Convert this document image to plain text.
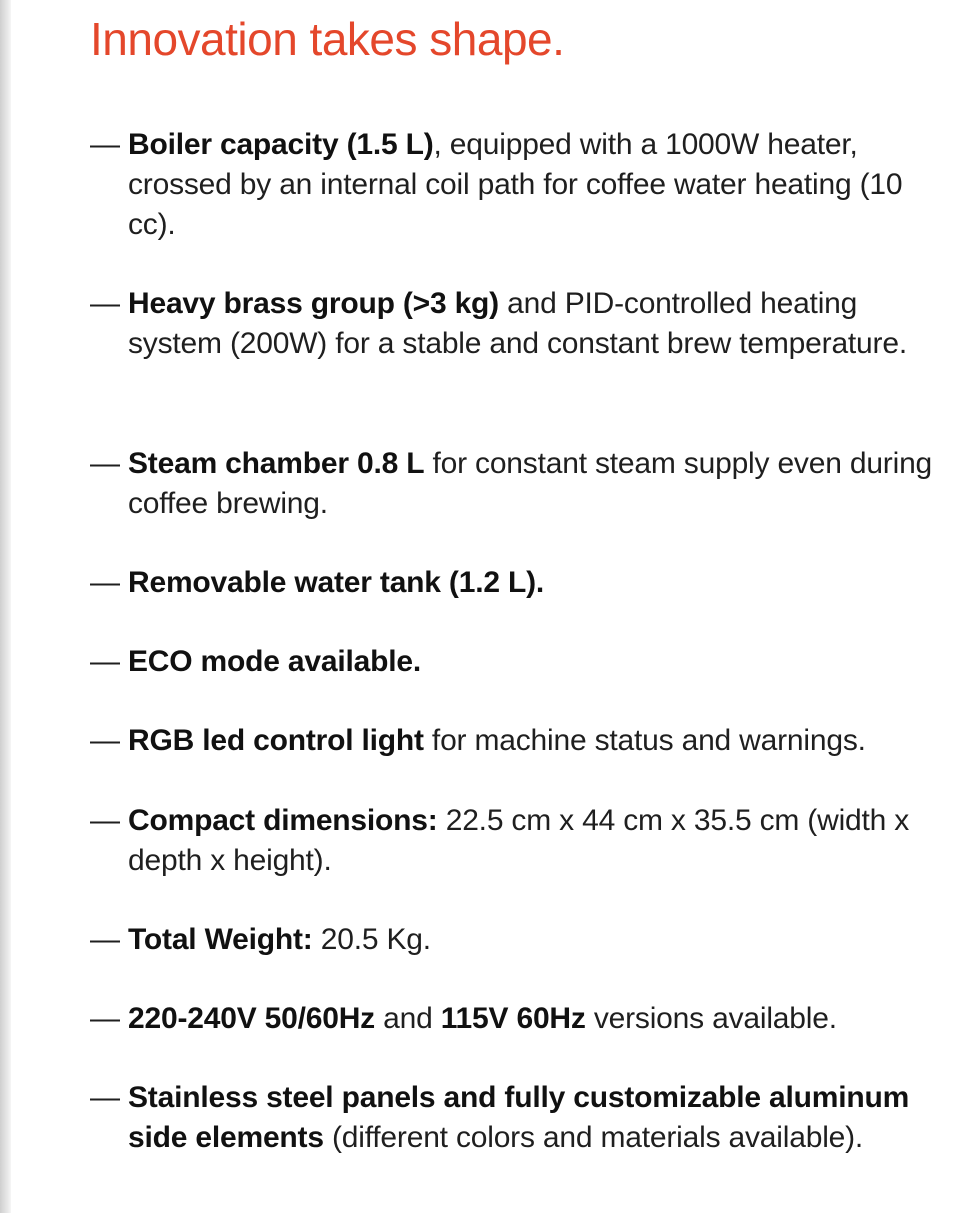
Innovation takes shape.
— Boiler capacity (1.5 L), equipped with a 1000W heater, crossed by an internal coil path for coffee water heating (10 cc).
— Heavy brass group (>3 kg) and PID-controlled heating system (200W) for a stable and constant brew temperature.
— Steam chamber 0.8 L for constant steam supply even during coffee brewing.
— Removable water tank (1.2 L).
— ECO mode available.
— RGB led control light for machine status and warnings.
— Compact dimensions: 22.5 cm x 44 cm x 35.5 cm (width x depth x height).
— Total Weight: 20.5 Kg.
— 220-240V 50/60Hz and 115V 60Hz versions available.
— Stainless steel panels and fully customizable aluminum side elements (different colors and materials available).
